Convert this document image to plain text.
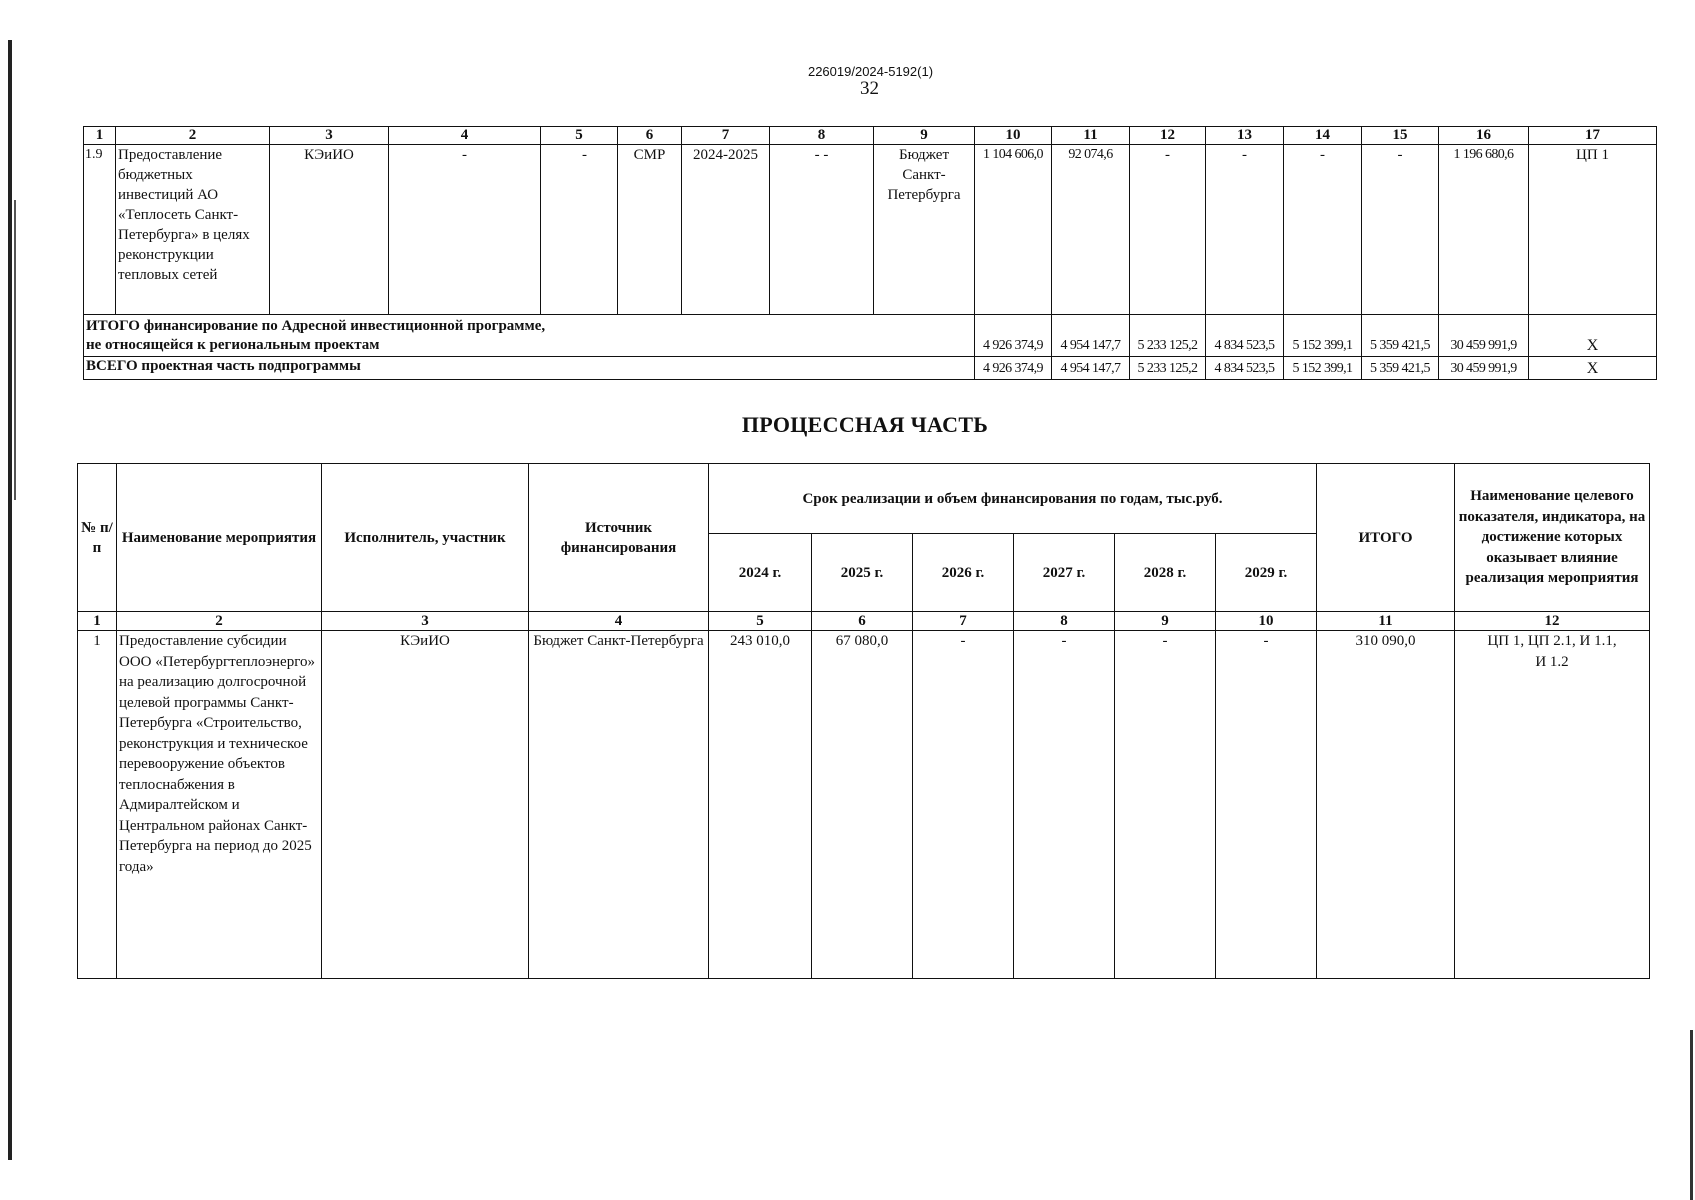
226019/2024-5192(1)
32
1	2	3	4	5	6	7	8	9	10	11	12	13	14	15	16	17
1.9	Предоставление бюджетных инвестиций АО «Теплосеть Санкт-Петербурга» в целях реконструкции тепловых сетей	КЭиИО	-	-	СМР	2024-2025	- -	Бюджет Санкт-Петербурга	1 104 606,0	92 074,6	-	-	-	-	1 196 680,6	ЦП 1

ИТОГО финансирование по Адресной инвестиционной программе,
не относящейся к региональным проектам									4 926 374,9	4 954 147,7	5 233 125,2	4 834 523,5	5 152 399,1	5 359 421,5	30 459 991,9	Х
ВСЕГО проектная часть подпрограммы									4 926 374,9	4 954 147,7	5 233 125,2	4 834 523,5	5 152 399,1	5 359 421,5	30 459 991,9	Х
ПРОЦЕССНАЯ ЧАСТЬ
№ п/п	Наименование мероприятия	Исполнитель, участник	Источник финансирования	Срок реализации и объем финансирования по годам, тыс.руб.						ИТОГО	Наименование целевого показателя, индикатора, на достижение которых оказывает влияние реализация мероприятия
				2024 г.	2025 г.	2026 г.	2027 г.	2028 г.	2029 г.		
1	2	3	4	5	6	7	8	9	10	11	12
1	Предоставление субсидии ООО «Петербургтеплоэнерго» на реализацию долгосрочной целевой программы Санкт-Петербурга «Строительство, реконструкция и техническое перевооружение объектов теплоснабжения в Адмиралтейском и Центральном районах Санкт-Петербурга на период до 2025 года»	КЭиИО	Бюджет Санкт-Петербурга	243 010,0	67 080,0	-	-	-	-	310 090,0	ЦП 1, ЦП 2.1, И 1.1, И 1.2
